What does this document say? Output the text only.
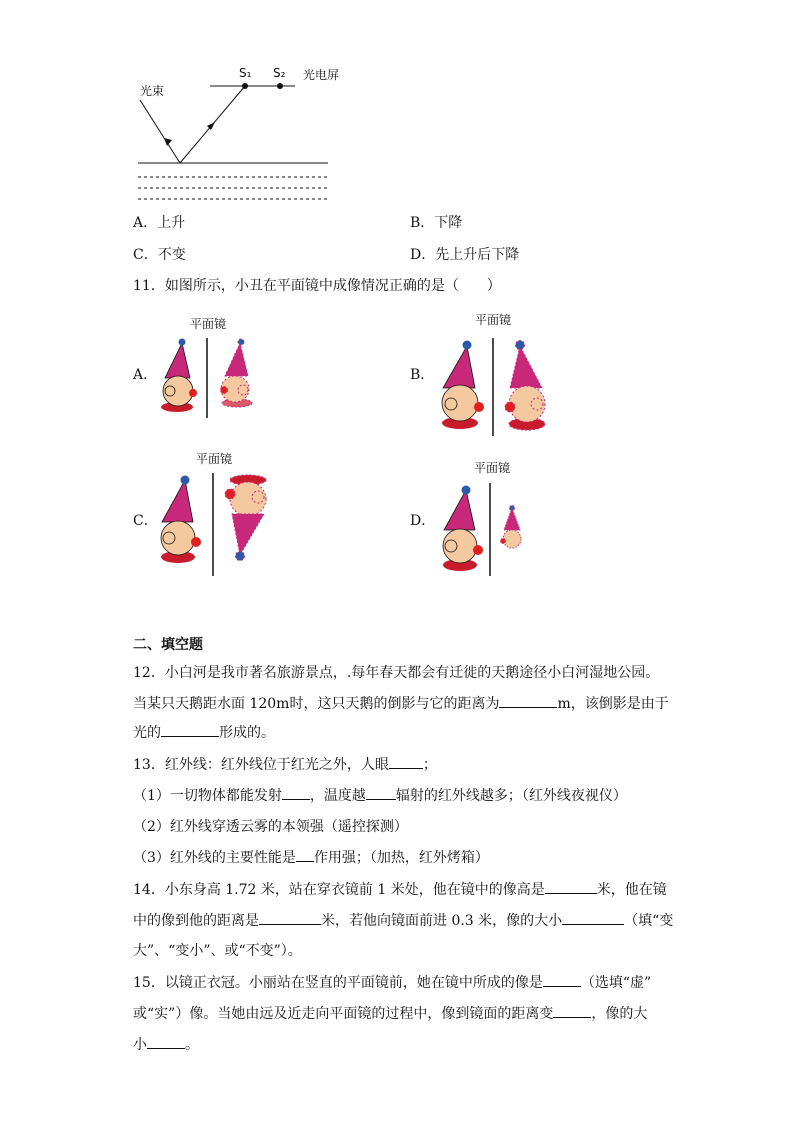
光束
S₁ S₂ 光电屏
A．上升	B．下降
C．不变	D．先上升后下降
11．如图所示，小丑在平面镜中成像情况正确的是（　　）
A．
平面镜
B．
平面镜
C．
平面镜
D．
平面镜
二、填空题
12．小白河是我市著名旅游景点，.每年春天都会有迁徙的天鹅途径小白河湿地公园。
当某只天鹅距水面 120m时，这只天鹅的倒影与它的距离为	m，该倒影是由于
光的	形成的。
13．红外线：红外线位于红光之外，人眼 ；
（1）一切物体都能发射 ，温度越 辐射的红外线越多；（红外线夜视仪）
（2）红外线穿透云雾的本领强（遥控探测）
（3）红外线的主要性能是 作用强；（加热，红外烤箱）
14．小东身高 1.72 米，站在穿衣镜前 1 米处，他在镜中的像高是	米，他在镜
中的像到他的距离是	米，若他向镜面前进 0.3 米，像的大小	（填“变
大”、“变小”、或“不变”）。
15．以镜正衣冠。小丽站在竖直的平面镜前，她在镜中所成的像是	（选填“虚”
或“实”）像。当她由远及近走向平面镜的过程中，像到镜面的距离变	，像的大
小	。
